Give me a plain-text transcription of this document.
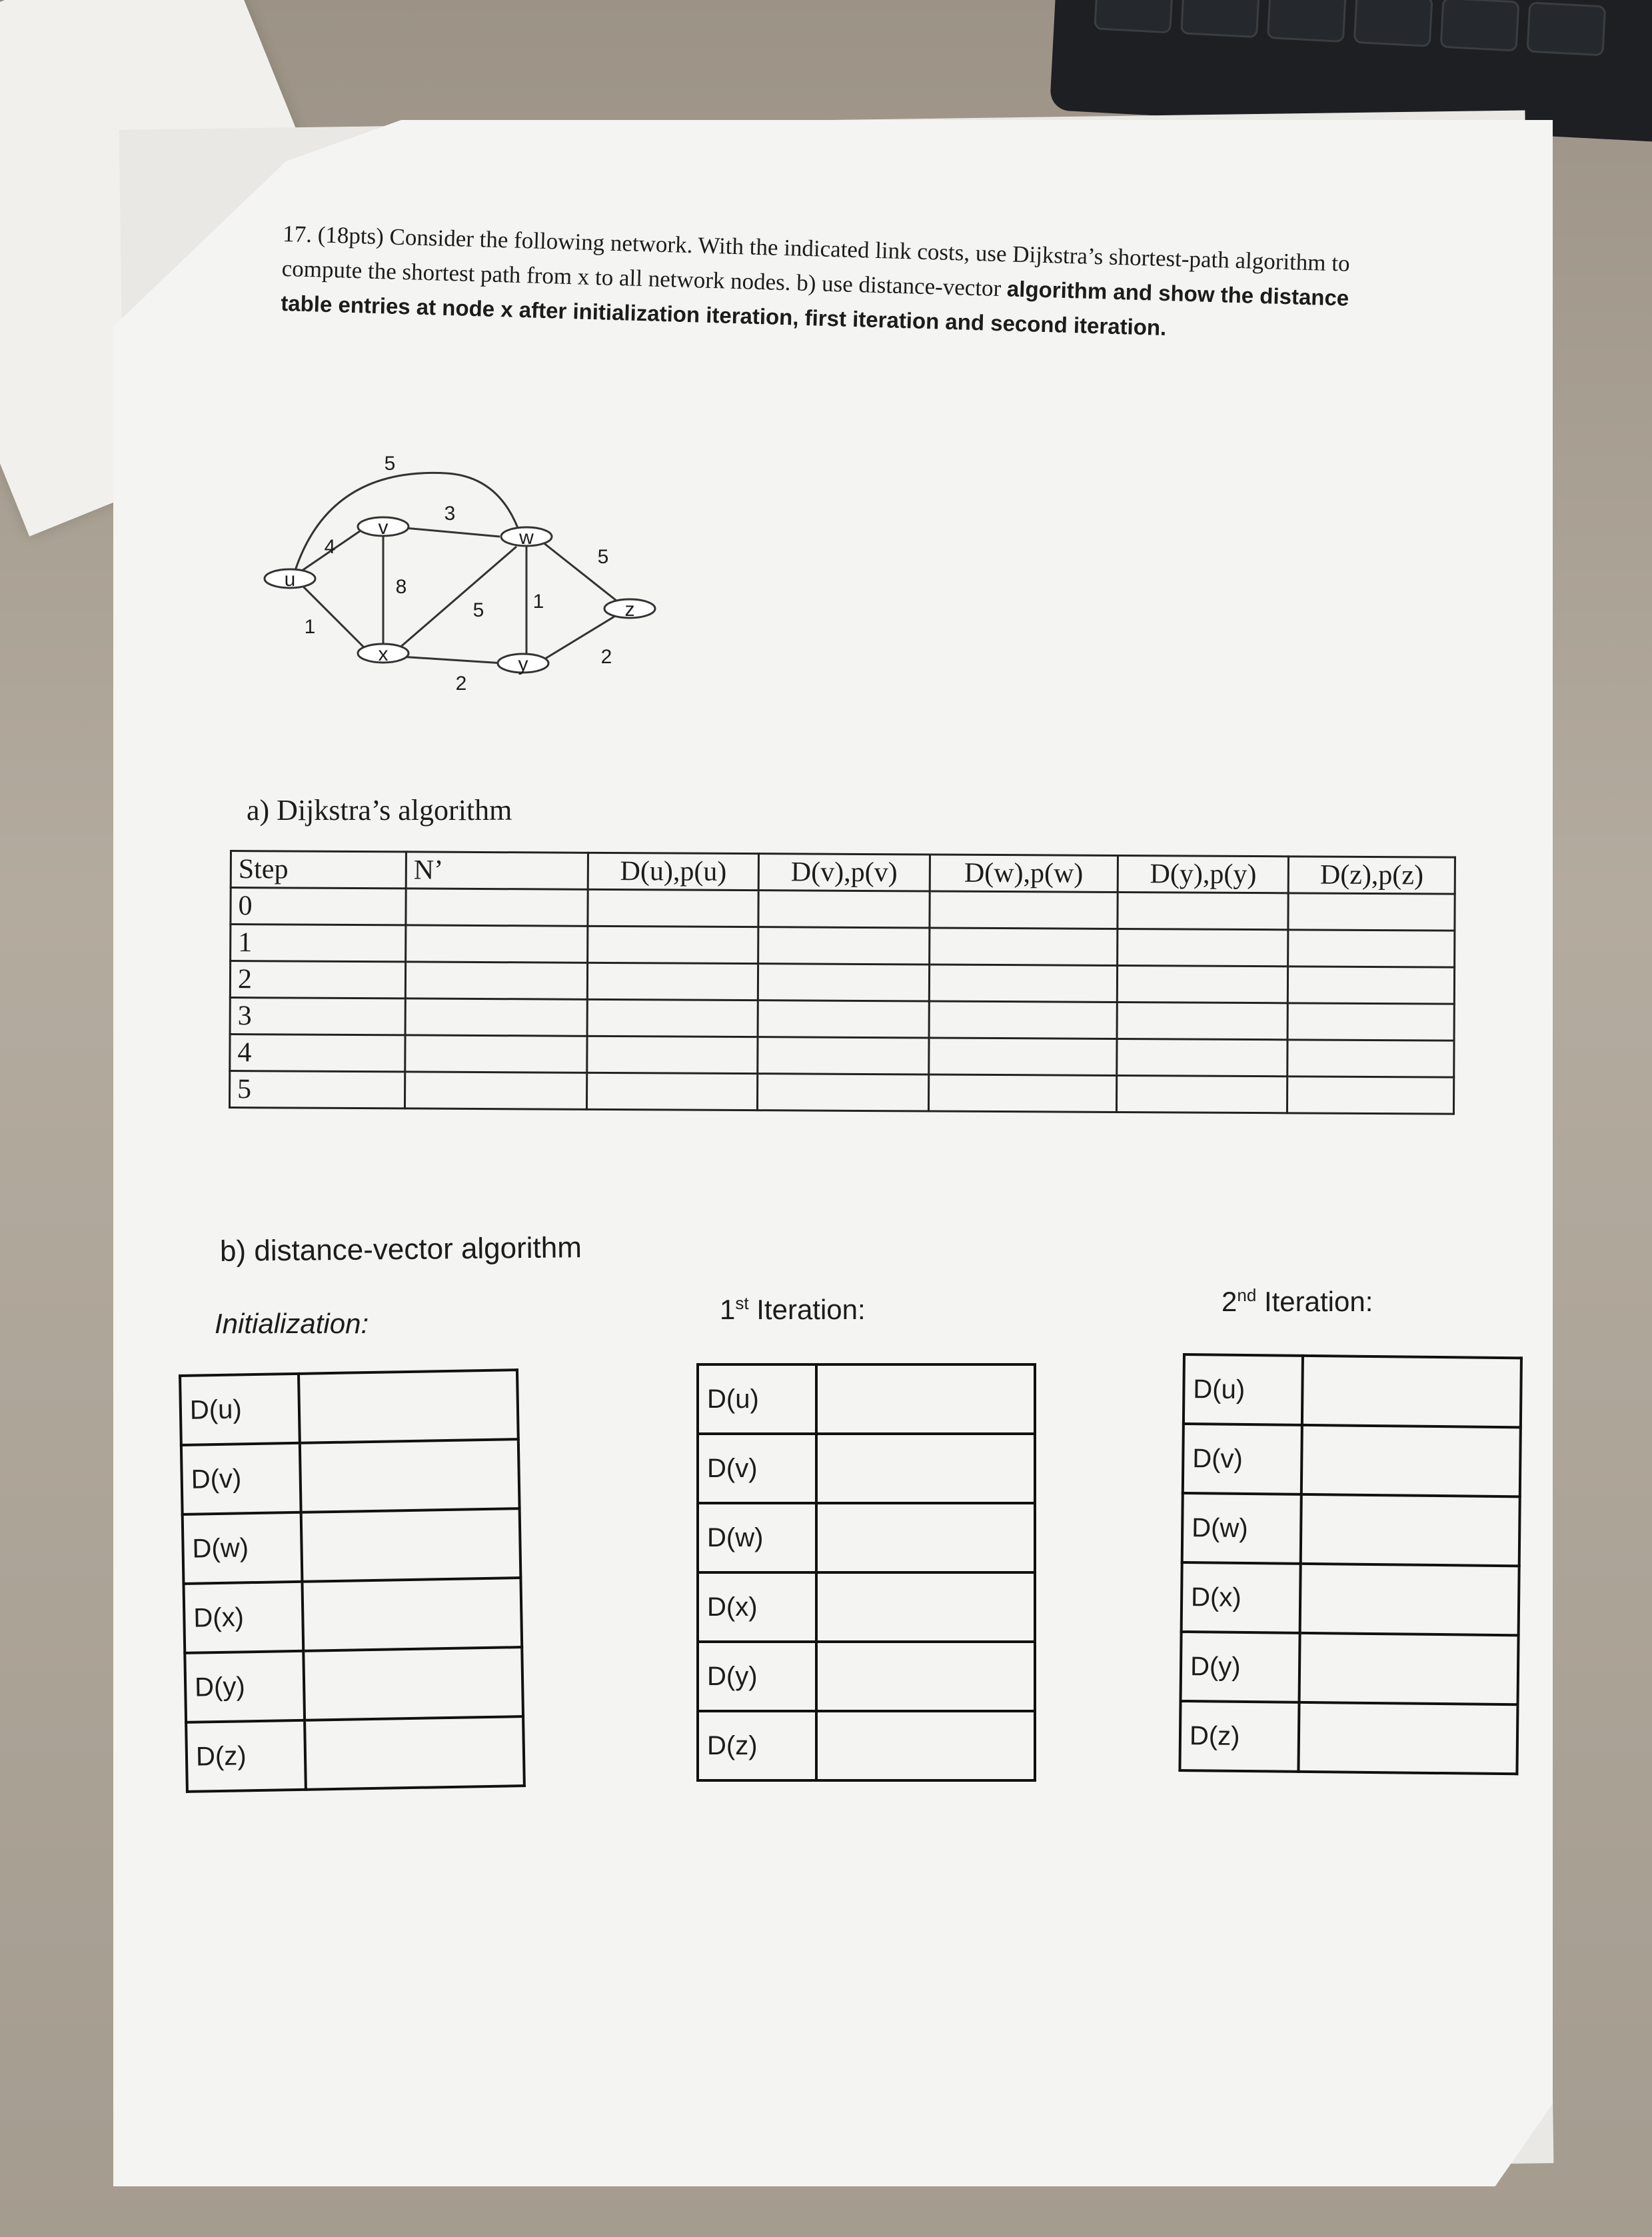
17. (18pts) Consider the following network. With the indicated link costs, use Dijkstra’s shortest-path algorithm to compute the shortest path from x to all network nodes. b) use distance-vector algorithm and show the distance table entries at node x after initialization iteration, first iteration and second iteration.
u
v	w
x	y
z
4
1
5
3
8
5
2
1
5
2
a) Dijkstra’s algorithm
Step	N’	D(u),p(u)	D(v),p(v)	D(w),p(w)	D(y),p(y)	D(z),p(z)
0						
1						
2						
3						
4						
5						
b) distance-vector algorithm
Initialization:	1st Iteration:	2nd Iteration:
D(u)	
D(v)	
D(w)	
D(x)	
D(y)	
D(z)	
D(u)	
D(v)	
D(w)	
D(x)	
D(y)	
D(z)	
D(u)	
D(v)	
D(w)	
D(x)	
D(y)	
D(z)	
